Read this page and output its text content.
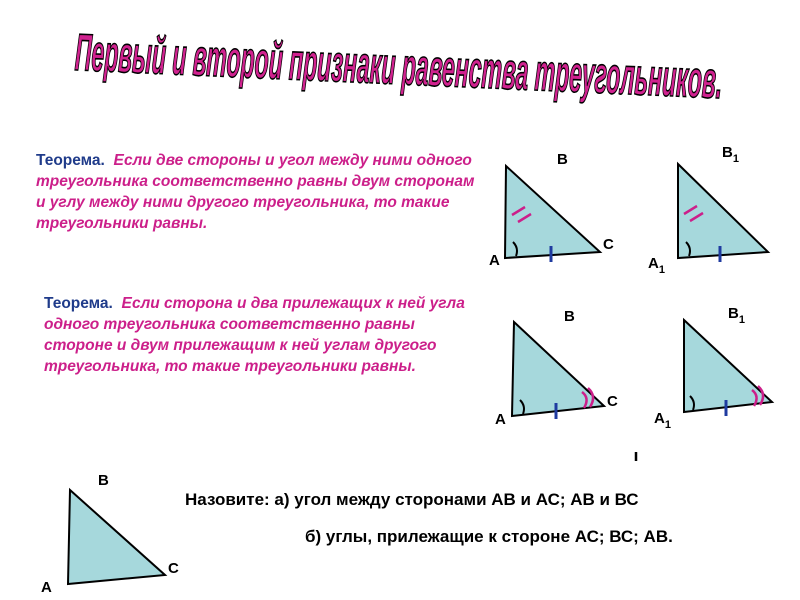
Первый и второй признаки равенства треугольников.
Теорема. Если две стороны и угол между ними одного треугольника соответственно равны двум сторонам и углу между ними другого треугольника, то такие треугольники равны.
Теорема. Если сторона и два прилежащих к ней угла одного треугольника соответственно равны стороне и двум прилежащим к ней углам другого треугольника, то такие треугольники равны.
B
C
A
$B_1$
$A_1$
B
C
A
$B_1$
$A_1$
B
C
A
Назовите: а) угол между сторонами АВ и АС; АВ и ВС
б) углы, прилежащие к стороне АС; ВС; АВ.
